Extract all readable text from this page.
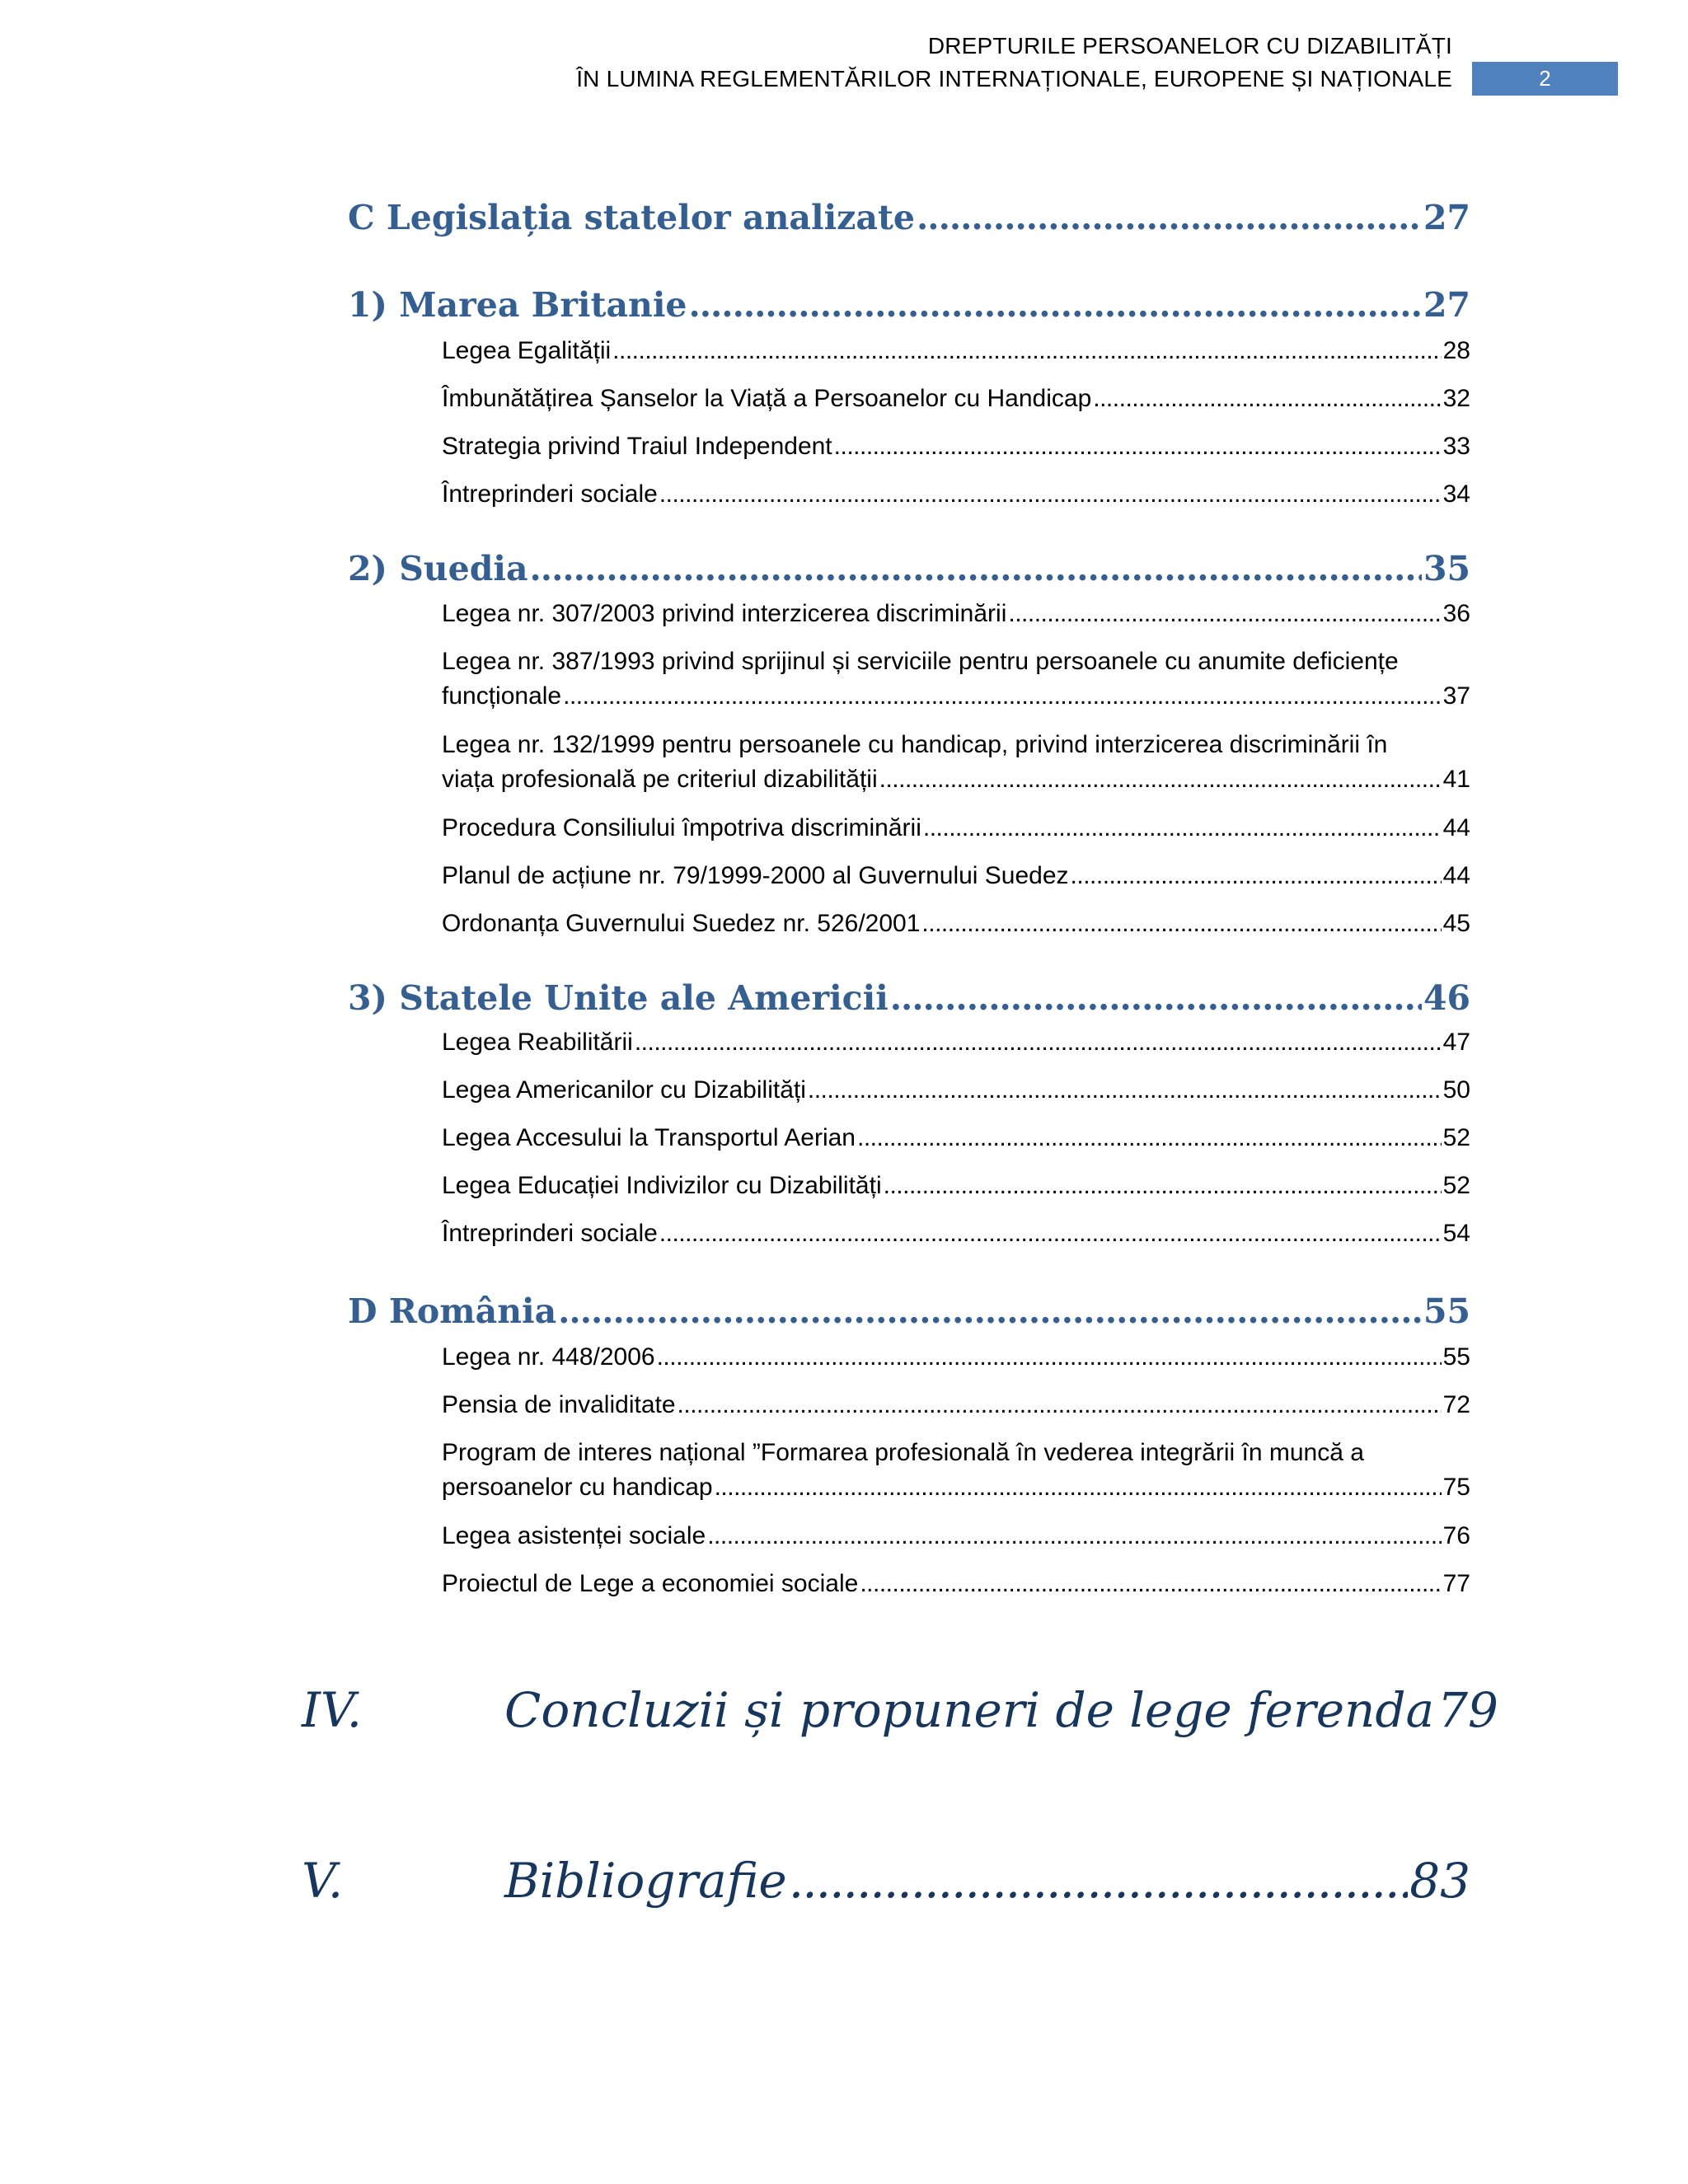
DREPTURILE PERSOANELOR CU DIZABILITĂȚI
ÎN LUMINA REGLEMENTĂRILOR INTERNAȚIONALE, EUROPENE ȘI NAȚIONALE	2
C Legislația statelor analizate .....	27
1) Marea Britanie .....	27
Legea Egalității .....	28
Îmbunătățirea Șanselor la Viață a Persoanelor cu Handicap .....	32
Strategia privind Traiul Independent .....	33
Întreprinderi sociale .....	34
2) Suedia .....	35
Legea nr. 307/2003 privind interzicerea discriminării .....	36
Legea nr. 387/1993 privind sprijinul și serviciile pentru persoanele cu anumite deficiențe
funcționale .....	37
Legea nr. 132/1999 pentru persoanele cu handicap, privind interzicerea discriminării în
viața profesională pe criteriul dizabilității .....	41
Procedura Consiliului împotriva discriminării .....	44
Planul de acțiune nr. 79/1999-2000 al Guvernului Suedez .....	44
Ordonanța Guvernului Suedez nr. 526/2001 .....	45
3) Statele Unite ale Americii .....	46
Legea Reabilitării .....	47
Legea Americanilor cu Dizabilități .....	50
Legea Accesului la Transportul Aerian .....	52
Legea Educației Indivizilor cu Dizabilități .....	52
Întreprinderi sociale .....	54
D România .....	55
Legea nr. 448/2006 .....	55
Pensia de invaliditate .....	72
Program de interes național ”Formarea profesională în vederea integrării în muncă a
persoanelor cu handicap .....	75
Legea asistenței sociale .....	76
Proiectul de Lege a economiei sociale .....	77
IV.	Concluzii și propuneri de lege ferenda 79
V.	Bibliografie .....	83
